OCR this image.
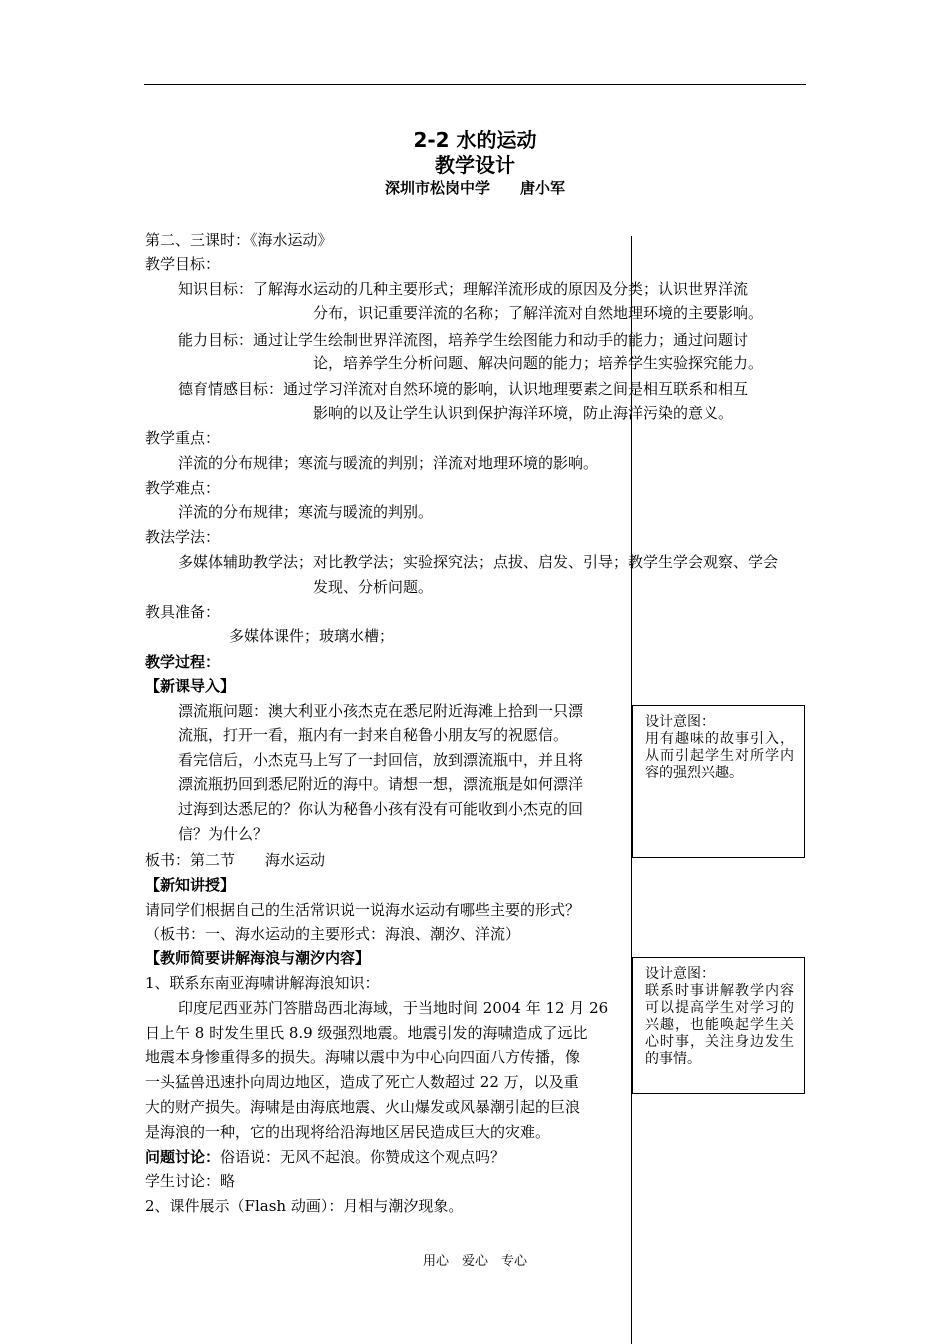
2-2 水的运动
教学设计
深圳市松岗中学 唐小军
第二、三课时：《海水运动》
教学目标：
知识目标：了解海水运动的几种主要形式；理解洋流形成的原因及分类；认识世界洋流
分布，识记重要洋流的名称；了解洋流对自然地理环境的主要影响。
能力目标：通过让学生绘制世界洋流图，培养学生绘图能力和动手的能力；通过问题讨
论，培养学生分析问题、解决问题的能力；培养学生实验探究能力。
德育情感目标：通过学习洋流对自然环境的影响，认识地理要素之间是相互联系和相互
影响的以及让学生认识到保护海洋环境，防止海洋污染的意义。
教学重点：
洋流的分布规律；寒流与暖流的判别；洋流对地理环境的影响。
教学难点：
洋流的分布规律；寒流与暖流的判别。
教法学法：
多媒体辅助教学法；对比教学法；实验探究法；点拔、启发、引导；教学生学会观察、学会
发现、分析问题。
教具准备：
多媒体课件；玻璃水槽；
教学过程：
【新课导入】
漂流瓶问题：澳大利亚小孩杰克在悉尼附近海滩上拾到一只漂
流瓶，打开一看，瓶内有一封来自秘鲁小朋友写的祝愿信。
看完信后，小杰克马上写了一封回信，放到漂流瓶中，并且将
漂流瓶扔回到悉尼附近的海中。请想一想，漂流瓶是如何漂洋
过海到达悉尼的？你认为秘鲁小孩有没有可能收到小杰克的回
信？为什么？
板书：第二节　　海水运动
【新知讲授】
请同学们根据自己的生活常识说一说海水运动有哪些主要的形式？
（板书：一、海水运动的主要形式：海浪、潮汐、洋流）
【教师简要讲解海浪与潮汐内容】
1、联系东南亚海啸讲解海浪知识：
印度尼西亚苏门答腊岛西北海域，于当地时间 2004 年 12 月 26
日上午 8 时发生里氏 8.9 级强烈地震。地震引发的海啸造成了远比
地震本身惨重得多的损失。海啸以震中为中心向四面八方传播，像
一头猛兽迅速扑向周边地区，造成了死亡人数超过 22 万，以及重
大的财产损失。海啸是由海底地震、火山爆发或风暴潮引起的巨浪
是海浪的一种，它的出现将给沿海地区居民造成巨大的灾难。
问题讨论：俗语说：无风不起浪。你赞成这个观点吗？
学生讨论：略
2、课件展示（Flash 动画）：月相与潮汐现象。

设计意图：

用有趣味的故事引入，从而引起学生对所学内容的强烈兴趣。

设计意图：

联系时事讲解教学内容可以提高学生对学习的兴趣，也能唤起学生关心时事，关注身边发生的事情。

用心　爱心　专心
